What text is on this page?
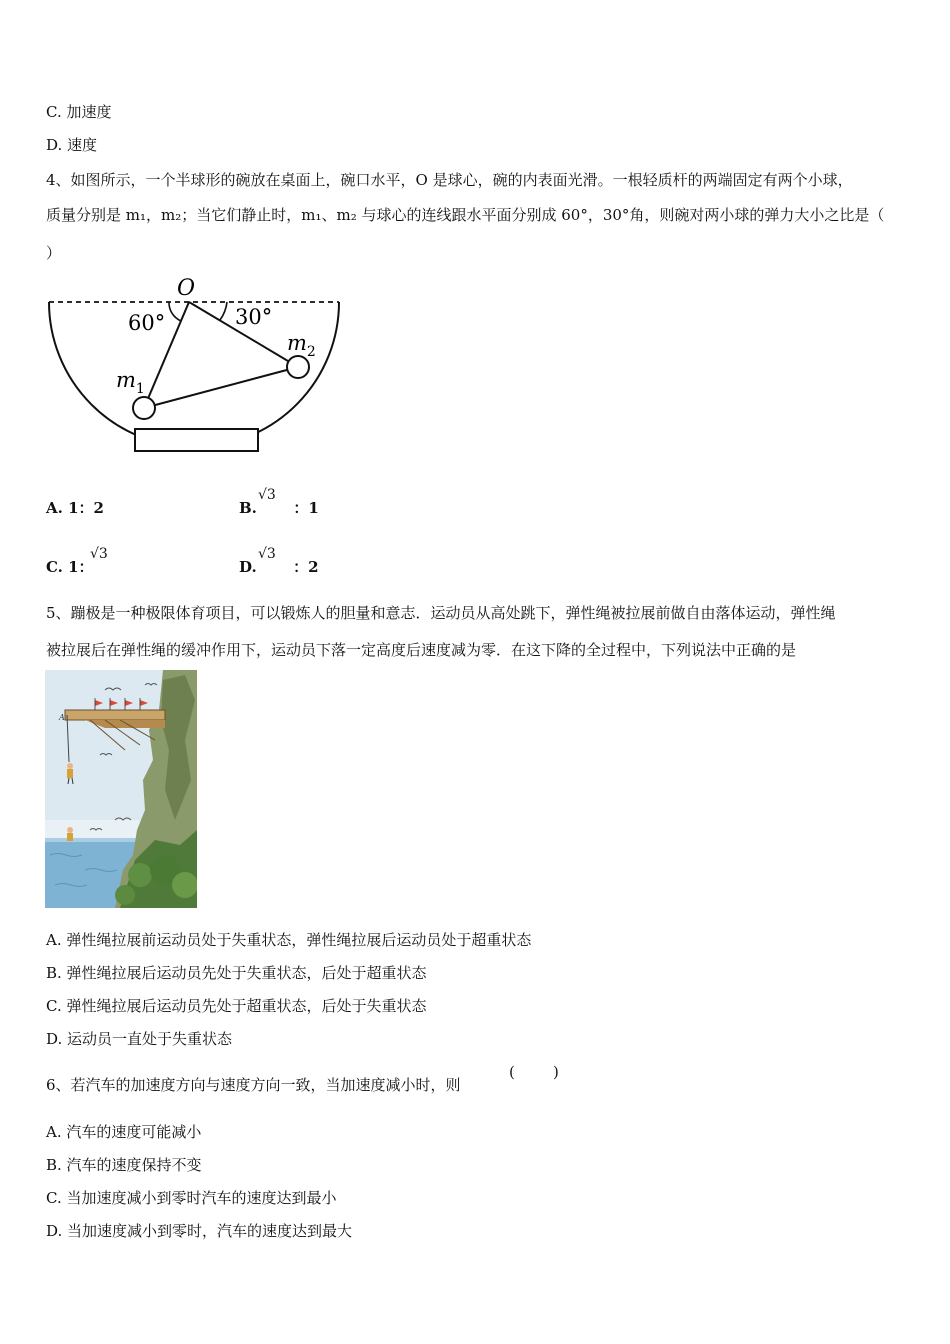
C. 加速度
D. 速度
4、如图所示，一个半球形的碗放在桌面上，碗口水平，O 是球心，碗的内表面光滑。一根轻质杆的两端固定有两个小球，
质量分别是 m₁，m₂；当它们静止时，m₁、m₂ 与球心的连线跟水平面分别成 60°，30°角，则碗对两小球的弹力大小之比是（
）
O
60°	30°
$m_1$
$m_2$
A. 1：2	B. ：1
√3
C. 1：
√3
D. ：2
√3
5、蹦极是一种极限体育项目，可以锻炼人的胆量和意志．运动员从高处跳下，弹性绳被拉展前做自由落体运动，弹性绳
被拉展后在弹性绳的缓冲作用下，运动员下落一定高度后速度减为零．在这下降的全过程中，下列说法中正确的是
A
A. 弹性绳拉展前运动员处于失重状态，弹性绳拉展后运动员处于超重状态
B. 弹性绳拉展后运动员先处于失重状态，后处于超重状态
C. 弹性绳拉展后运动员先处于超重状态，后处于失重状态
D. 运动员一直处于失重状态
6、若汽车的加速度方向与速度方向一致，当加速度减小时，则
(        )
A. 汽车的速度可能减小
B. 汽车的速度保持不变
C. 当加速度减小到零时汽车的速度达到最小
D. 当加速度减小到零时，汽车的速度达到最大
